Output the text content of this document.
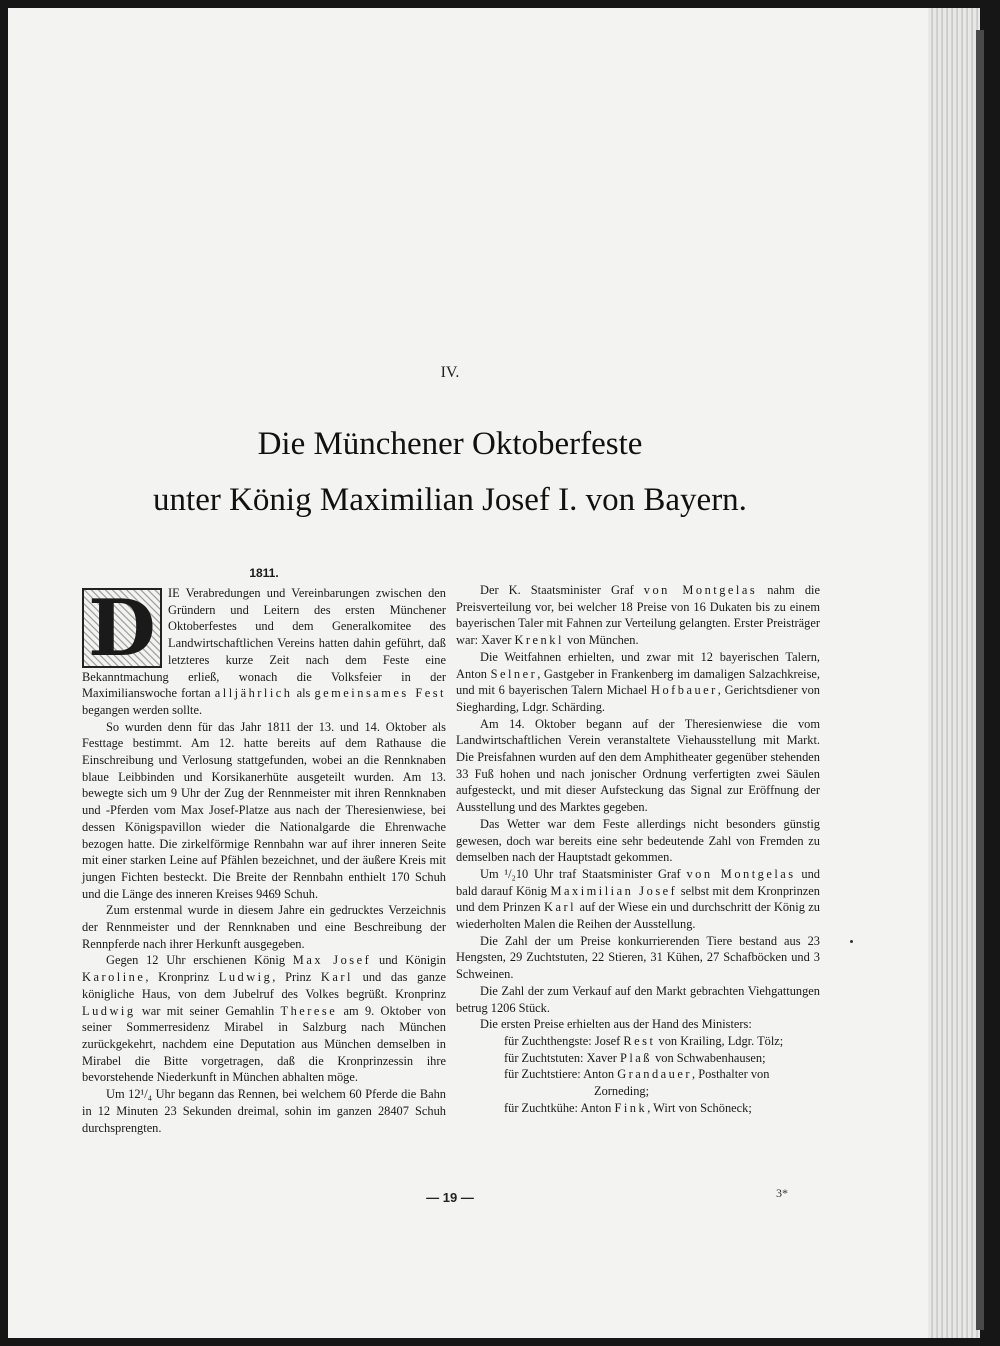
IV.
Die Münchener Oktoberfeste
unter König Maximilian Josef I. von Bayern.
1811.

D IE Verabredungen und Vereinbarungen zwischen den Gründern und Leitern des ersten Münchener Oktoberfestes und dem Generalkomitee des Landwirtschaftlichen Vereins hatten dahin geführt, daß letzteres kurze Zeit nach dem Feste eine Bekanntmachung erließ, wonach die Volksfeier in der Maximilianswoche fortan alljährlich als gemeinsames Fest begangen werden sollte.

So wurden denn für das Jahr 1811 der 13. und 14. Oktober als Festtage bestimmt. Am 12. hatte bereits auf dem Rathause die Einschreibung und Verlosung stattgefunden, wobei an die Rennknaben blaue Leibbinden und Korsikanerhüte ausgeteilt wurden. Am 13. bewegte sich um 9 Uhr der Zug der Rennmeister mit ihren Rennknaben und -Pferden vom Max Josef-Platze aus nach der Theresienwiese, bei dessen Königspavillon wieder die Nationalgarde die Ehrenwache bezogen hatte. Die zirkelförmige Rennbahn war auf ihrer inneren Seite mit einer starken Leine auf Pfählen bezeichnet, und der äußere Kreis mit jungen Fichten besteckt. Die Breite der Rennbahn enthielt 170 Schuh und die Länge des inneren Kreises 9469 Schuh.

Zum erstenmal wurde in diesem Jahre ein gedrucktes Verzeichnis der Rennmeister und der Rennknaben und eine Beschreibung der Rennpferde nach ihrer Herkunft ausgegeben.

Gegen 12 Uhr erschienen König Max Josef und Königin Karoline, Kronprinz Ludwig, Prinz Karl und das ganze königliche Haus, von dem Jubelruf des Volkes begrüßt. Kronprinz Ludwig war mit seiner Gemahlin Therese am 9. Oktober von seiner Sommerresidenz Mirabel in Salzburg nach München zurückgekehrt, nachdem eine Deputation aus München demselben in Mirabel die Bitte vorgetragen, daß die Kronprinzessin ihre bevorstehende Niederkunft in München abhalten möge.

Um 12¹/₄ Uhr begann das Rennen, bei welchem 60 Pferde die Bahn in 12 Minuten 23 Sekunden dreimal, sohin im ganzen 28407 Schuh durchsprengten.

Der K. Staatsminister Graf von Montgelas nahm die Preisverteilung vor, bei welcher 18 Preise von 16 Dukaten bis zu einem bayerischen Taler mit Fahnen zur Verteilung gelangten. Erster Preisträger war: Xaver Krenkl von München.

Die Weitfahnen erhielten, und zwar mit 12 bayerischen Talern, Anton Selner, Gastgeber in Frankenberg im damaligen Salzachkreise, und mit 6 bayerischen Talern Michael Hofbauer, Gerichtsdiener von Siegharding, Ldgr. Schärding.

Am 14. Oktober begann auf der Theresienwiese die vom Landwirtschaftlichen Verein veranstaltete Viehausstellung mit Markt. Die Preisfahnen wurden auf den dem Amphitheater gegenüber stehenden 33 Fuß hohen und nach jonischer Ordnung verfertigten zwei Säulen aufgesteckt, und mit dieser Aufsteckung das Signal zur Eröffnung der Ausstellung und des Marktes gegeben.

Das Wetter war dem Feste allerdings nicht besonders günstig gewesen, doch war bereits eine sehr bedeutende Zahl von Fremden zu demselben nach der Hauptstadt gekommen.

Um ¹/₂10 Uhr traf Staatsminister Graf von Montgelas und bald darauf König Maximilian Josef selbst mit dem Kronprinzen und dem Prinzen Karl auf der Wiese ein und durchschritt der König zu wiederholten Malen die Reihen der Ausstellung.

Die Zahl der um Preise konkurrierenden Tiere bestand aus 23 Hengsten, 29 Zuchtstuten, 22 Stieren, 31 Kühen, 27 Schafböcken und 3 Schweinen.

Die Zahl der zum Verkauf auf den Markt gebrachten Viehgattungen betrug 1206 Stück.

Die ersten Preise erhielten aus der Hand des Ministers:

für Zuchthengste: Josef Rest von Krailing, Ldgr. Tölz;

für Zuchtstuten: Xaver Plaß von Schwabenhausen;

für Zuchtstiere: Anton Grandauer, Posthalter von

Zorneding;

für Zuchtkühe: Anton Fink, Wirt von Schöneck;

— 19 —	3*
